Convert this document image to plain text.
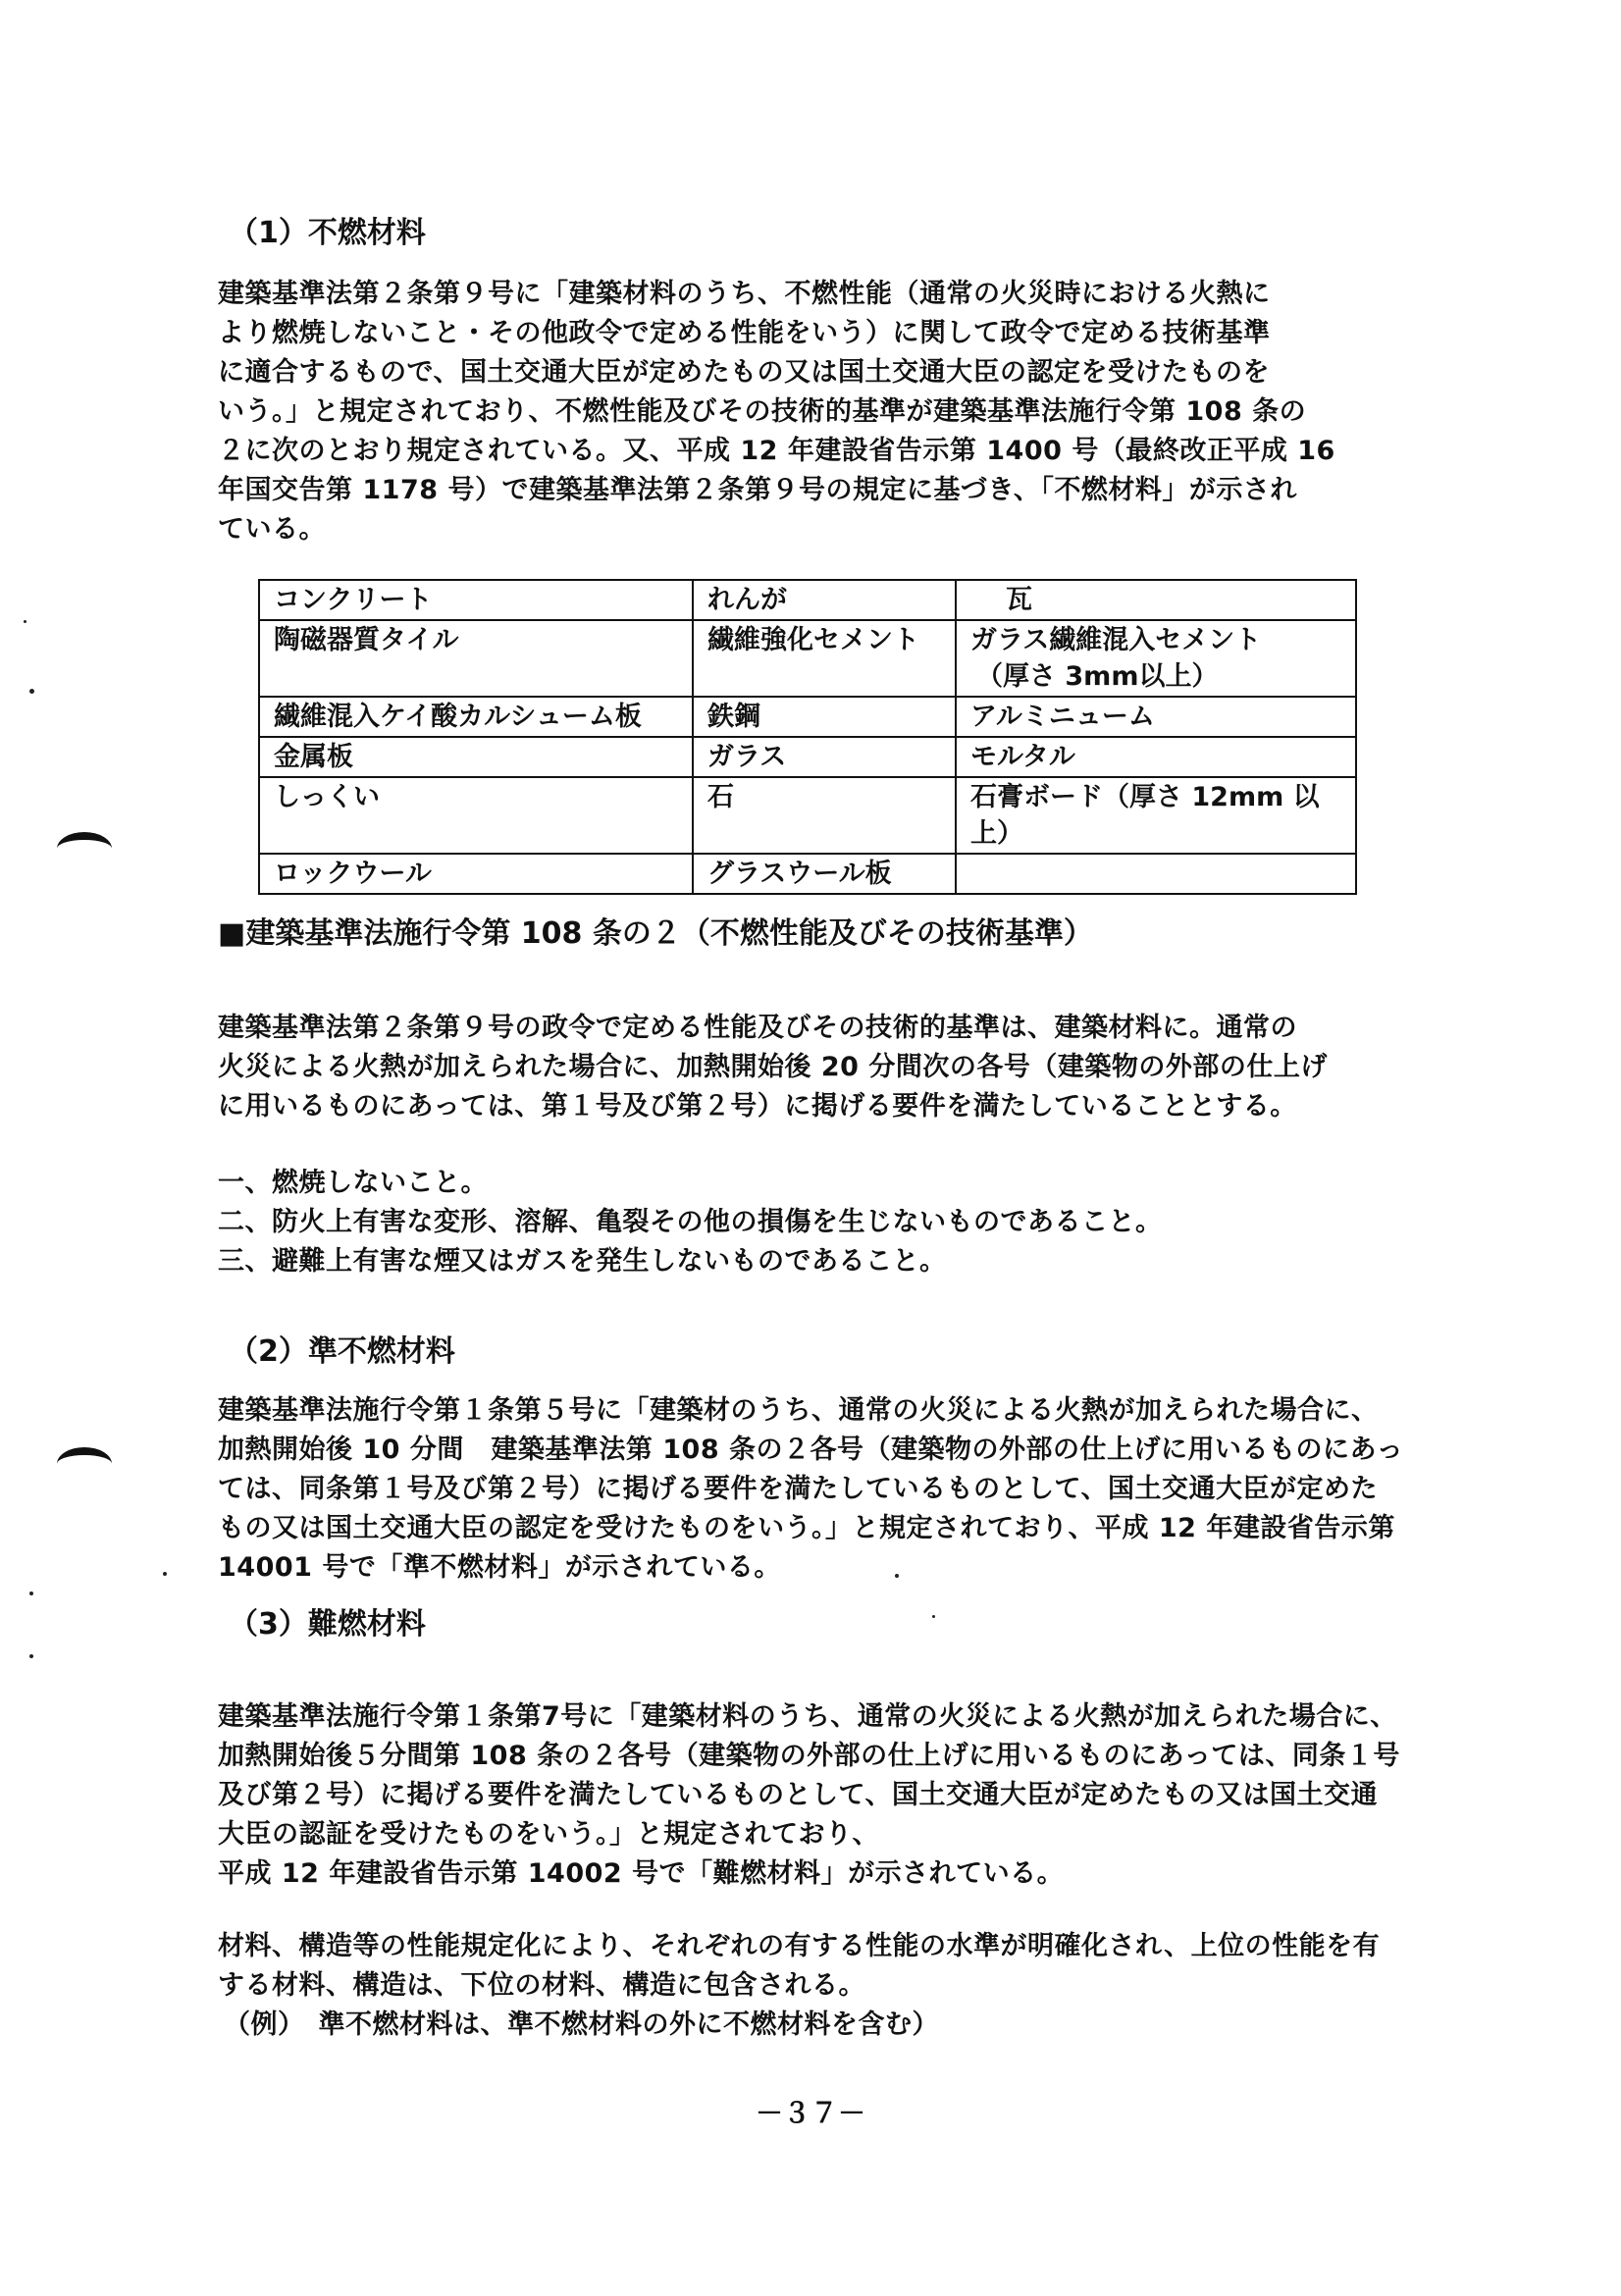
（1）不燃材料
建築基準法第２条第９号に「建築材料のうち、不燃性能（通常の火災時における火熱に
より燃焼しないこと・その他政令で定める性能をいう）に関して政令で定める技術基準
に適合するもので、国土交通大臣が定めたもの又は国土交通大臣の認定を受けたものを
いう。」と規定されており、不燃性能及びその技術的基準が建築基準法施行令第 108 条の
２に次のとおり規定されている。又、平成 12 年建設省告示第 1400 号（最終改正平成 16
年国交告第 1178 号）で建築基準法第２条第９号の規定に基づき、「不燃材料」が示され
ている。
コンクリート	れんが	瓦
陶磁器質タイル	繊維強化セメント	ガラス繊維混入セメント
（厚さ 3mm以上）

繊維混入ケイ酸カルシューム板	鉄鋼	アルミニューム
金属板	ガラス	モルタル
しっくい	石	石膏ボード（厚さ 12mm 以上）
ロックウール	グラスウール板	
■建築基準法施行令第 108 条の２（不燃性能及びその技術基準）
建築基準法第２条第９号の政令で定める性能及びその技術的基準は、建築材料に。通常の
火災による火熱が加えられた場合に、加熱開始後 20 分間次の各号（建築物の外部の仕上げ
に用いるものにあっては、第１号及び第２号）に掲げる要件を満たしていることとする。
一、燃焼しないこと。
二、防火上有害な変形、溶解、亀裂その他の損傷を生じないものであること。
三、避難上有害な煙又はガスを発生しないものであること。
（2）準不燃材料
建築基準法施行令第１条第５号に「建築材のうち、通常の火災による火熱が加えられた場合に、
加熱開始後 10 分間　建築基準法第 108 条の２各号（建築物の外部の仕上げに用いるものにあっ
ては、同条第１号及び第２号）に掲げる要件を満たしているものとして、国土交通大臣が定めた
もの又は国土交通大臣の認定を受けたものをいう。」と規定されており、平成 12 年建設省告示第
14001 号で「準不燃材料」が示されている。
（3）難燃材料
建築基準法施行令第１条第7号に「建築材料のうち、通常の火災による火熱が加えられた場合に、
加熱開始後５分間第 108 条の２各号（建築物の外部の仕上げに用いるものにあっては、同条１号
及び第２号）に掲げる要件を満たしているものとして、国土交通大臣が定めたもの又は国土交通
大臣の認証を受けたものをいう。」と規定されており、
平成 12 年建設省告示第 14002 号で「難燃材料」が示されている。
材料、構造等の性能規定化により、それぞれの有する性能の水準が明確化され、上位の性能を有
する材料、構造は、下位の材料、構造に包含される。
（例）　準不燃材料は、準不燃材料の外に不燃材料を含む）
－３７－
